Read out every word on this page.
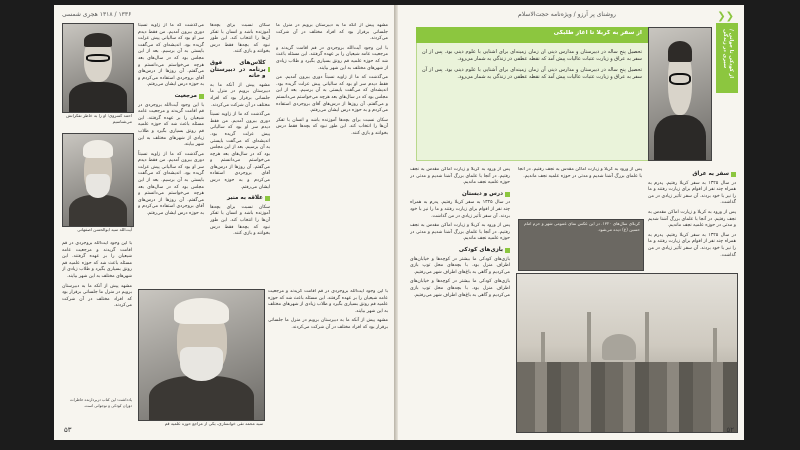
۱۳۳۶ / ۱۳۱۸ هجری شمسی
احمد کسروی؛ او را به خاطر تفکراتش می‌شناسیم
آیت‌الله سید ابوالحسن اصفهانی
سید محمد تقی خوانساری، یکی از مراجع حوزه علمیه قم

می‌گذشت که ما از زاویه نسبتاً دوری بیرون آمدیم. من فقط دیدم سر او بود که سالیانی پیش عزلت گزیده بود. اندیشه‌ای که می‌گفت بایستی به آن برسیم. بعد از این مجلس بود که در سال‌های بعد هرچه می‌خواستم می‌دانستم و می‌گفتم. آن روزها از درس‌های آقای بروجردی استفاده می‌کردم و به حوزه درس ایشان می‌رفتم.

مرجعیت

با این وجود آیت‌الله بروجردی در قم اقامت گزیدند و مرجعیت عامه شیعیان را بر عهده گرفتند. این مسئله باعث شد که حوزه علمیه قم رونق بسیاری بگیرد و طلاب زیادی از شهرهای مختلف به این شهر بیایند.

می‌گذشت که ما از زاویه نسبتاً دوری بیرون آمدیم. من فقط دیدم سر او بود که سالیانی پیش عزلت گزیده بود. اندیشه‌ای که می‌گفت بایستی به آن برسیم. بعد از این مجلس بود که در سال‌های بعد هرچه می‌خواستم می‌دانستم و می‌گفتم. آن روزها از درس‌های آقای بروجردی استفاده می‌کردم و به حوزه درس ایشان می‌رفتم.

با این وجود آیت‌الله بروجردی در قم اقامت گزیدند و مرجعیت عامه شیعیان را بر عهده گرفتند. این مسئله باعث شد که حوزه علمیه قم رونق بسیاری بگیرد و طلاب زیادی از شهرهای مختلف به این شهر بیایند.

مشهد پیش از آنکه ما به دبیرستان برویم در منزل ما جلساتی برقرار بود که افراد مختلف در آن شرکت می‌کردند.

یادداشت: این کتاب دربردارنده خاطرات دوران کودکی و نوجوانی است.

سکان نسبت برای بچه‌ها آموزنده باشد و انسان با تفکر آن‌ها را انتخاب کند. این طور نبود که بچه‌ها فقط درس بخوانند و بازی کنند.

کلاس‌های فوق برنامه در دبیرستان و خانه

مشهد پیش از آنکه ما به دبیرستان برویم در منزل ما جلساتی برقرار بود که افراد مختلف در آن شرکت می‌کردند.

می‌گذشت که ما از زاویه نسبتاً دوری بیرون آمدیم. من فقط دیدم سر او بود که سالیانی پیش عزلت گزیده بود. اندیشه‌ای که می‌گفت بایستی به آن برسیم. بعد از این مجلس بود که در سال‌های بعد هرچه می‌خواستم می‌دانستم و می‌گفتم. آن روزها از درس‌های آقای بروجردی استفاده می‌کردم و به حوزه درس ایشان می‌رفتم.

علاقه به منبر

سکان نسبت برای بچه‌ها آموزنده باشد و انسان با تفکر آن‌ها را انتخاب کند. این طور نبود که بچه‌ها فقط درس بخوانند و بازی کنند.

مشهد پیش از آنکه ما به دبیرستان برویم در منزل ما جلساتی برقرار بود که افراد مختلف در آن شرکت می‌کردند.

با این وجود آیت‌الله بروجردی در قم اقامت گزیدند و مرجعیت عامه شیعیان را بر عهده گرفتند. این مسئله باعث شد که حوزه علمیه قم رونق بسیاری بگیرد و طلاب زیادی از شهرهای مختلف به این شهر بیایند.

می‌گذشت که ما از زاویه نسبتاً دوری بیرون آمدیم. من فقط دیدم سر او بود که سالیانی پیش عزلت گزیده بود. اندیشه‌ای که می‌گفت بایستی به آن برسیم. بعد از این مجلس بود که در سال‌های بعد هرچه می‌خواستم می‌دانستم و می‌گفتم. آن روزها از درس‌های آقای بروجردی استفاده می‌کردم و به حوزه درس ایشان می‌رفتم.

سکان نسبت برای بچه‌ها آموزنده باشد و انسان با تفکر آن‌ها را انتخاب کند. این طور نبود که بچه‌ها فقط درس بخوانند و بازی کنند.

با این وجود آیت‌الله بروجردی در قم اقامت گزیدند و مرجعیت عامه شیعیان را بر عهده گرفتند. این مسئله باعث شد که حوزه علمیه قم رونق بسیاری بگیرد و طلاب زیادی از شهرهای مختلف به این شهر بیایند.

مشهد پیش از آنکه ما به دبیرستان برویم در منزل ما جلساتی برقرار بود که افراد مختلف در آن شرکت می‌کردند.

۵۳
❯❯
روشنای پر آرزو / ویژه‌نامه حجت‌الاسلام
از کودکی تا جوانی / سیری در زندگی
از سفر به کربلا تا آغاز طلبگی

تحصیل پنج ساله در دبیرستان و مدارس دینی آن زمان زمینه‌ای برای آشنایی با علوم دینی بود. پس از آن سفر به عراق و زیارت عتبات عالیات پیش آمد که نقطه عطفی در زندگی به شمار می‌رود.

تحصیل پنج ساله در دبیرستان و مدارس دینی آن زمان زمینه‌ای برای آشنایی با علوم دینی بود. پس از آن سفر به عراق و زیارت عتبات عالیات پیش آمد که نقطه عطفی در زندگی به شمار می‌رود.

سفر به عراق

در سال ۱۳۲۵ به سفر کربلا رفتیم. پدرم به همراه چند نفر از اقوام برای زیارت رفتند و ما را نیز با خود بردند. آن سفر تأثیر زیادی در من گذاشت.

پس از ورود به کربلا و زیارت اماکن مقدس به نجف رفتیم. در آنجا با علمای بزرگ آشنا شدیم و مدتی در حوزه علمیه نجف ماندیم.

در سال ۱۳۲۵ به سفر کربلا رفتیم. پدرم به همراه چند نفر از اقوام برای زیارت رفتند و ما را نیز با خود بردند. آن سفر تأثیر زیادی در من گذاشت.

پس از ورود به کربلا و زیارت اماکن مقدس به نجف رفتیم. در آنجا با علمای بزرگ آشنا شدیم و مدتی در حوزه علمیه نجف ماندیم.

درس و دبستان

در سال ۱۳۲۵ به سفر کربلا رفتیم. پدرم به همراه چند نفر از اقوام برای زیارت رفتند و ما را نیز با خود بردند. آن سفر تأثیر زیادی در من گذاشت.

پس از ورود به کربلا و زیارت اماکن مقدس به نجف رفتیم. در آنجا با علمای بزرگ آشنا شدیم و مدتی در حوزه علمیه نجف ماندیم.

بازی‌های کودکی

بازی‌های کودکی ما بیشتر در کوچه‌ها و خیابان‌های اطراف منزل بود. با بچه‌های محل توپ بازی می‌کردیم و گاهی به باغ‌های اطراف شهر می‌رفتیم.

بازی‌های کودکی ما بیشتر در کوچه‌ها و خیابان‌های اطراف منزل بود. با بچه‌های محل توپ بازی می‌کردیم و گاهی به باغ‌های اطراف شهر می‌رفتیم.

پس از ورود به کربلا و زیارت اماکن مقدس به نجف رفتیم. در آنجا با علمای بزرگ آشنا شدیم و مدتی در حوزه علمیه نجف ماندیم.

کربلای سال‌های ۱۳۲۰. در این عکس نمای عمومی شهر و حرم امام حسین (ع) دیده می‌شود.
۵۲
